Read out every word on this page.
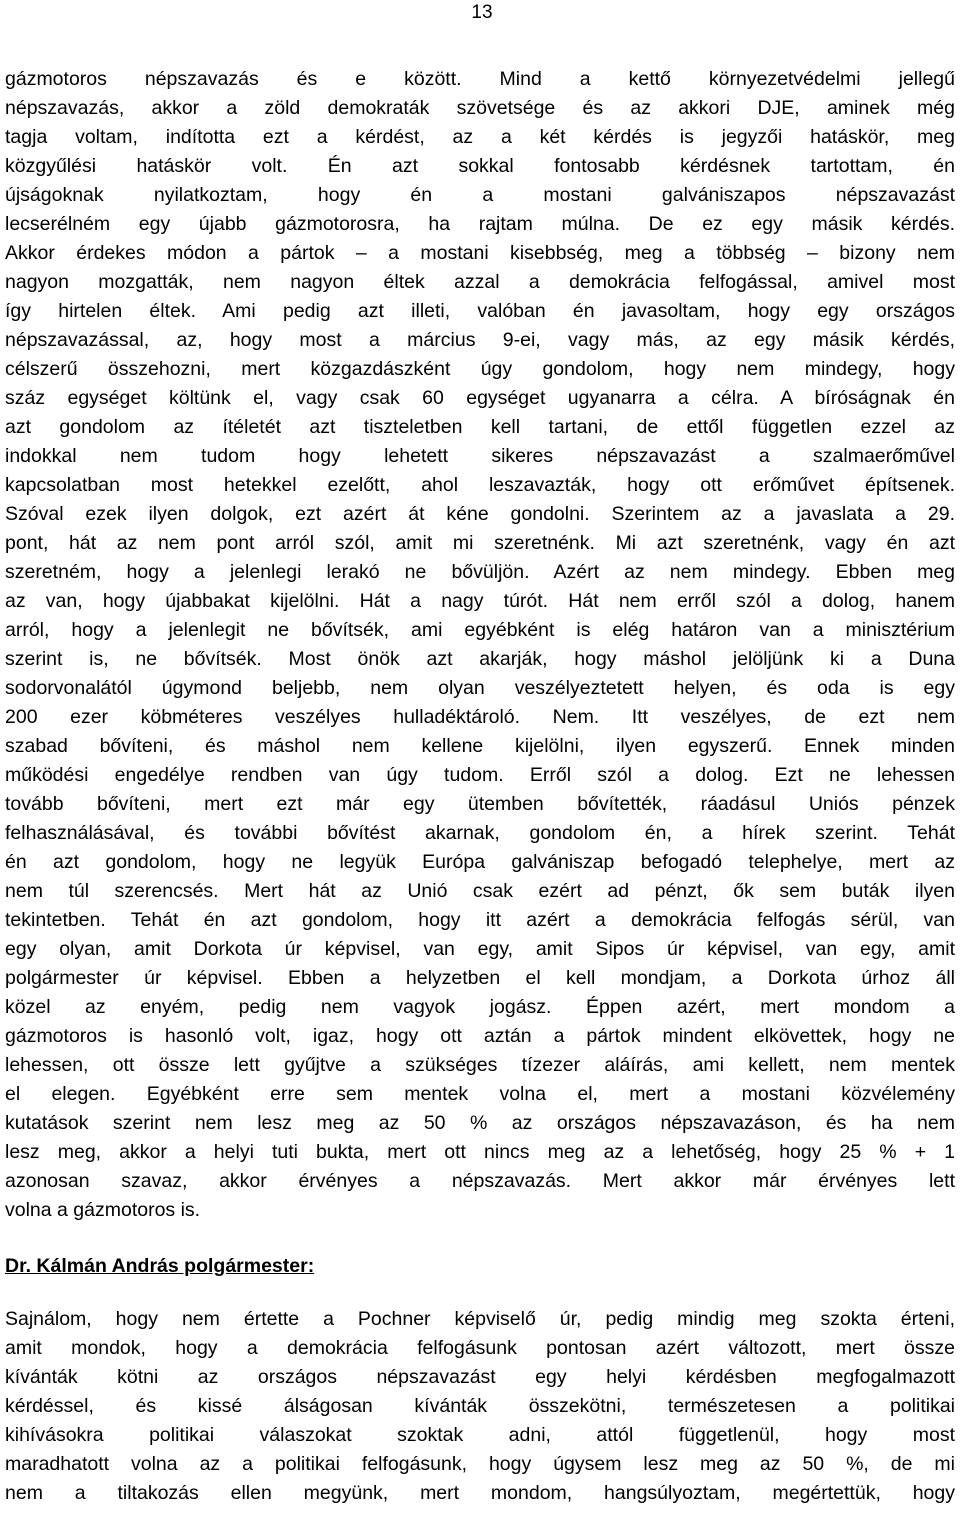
13
gázmotoros népszavazás és e között. Mind a kettő környezetvédelmi jellegű
népszavazás, akkor a zöld demokraták szövetsége és az akkori DJE, aminek még
tagja voltam, indította ezt a kérdést, az a két kérdés is jegyzői hatáskör, meg
közgyűlési hatáskör volt. Én azt sokkal fontosabb kérdésnek tartottam, én
újságoknak nyilatkoztam, hogy én a mostani galvániszapos népszavazást
lecserélném egy újabb gázmotorosra, ha rajtam múlna. De ez egy másik kérdés.
Akkor érdekes módon a pártok – a mostani kisebbség, meg a többség – bizony nem
nagyon mozgatták, nem nagyon éltek azzal a demokrácia felfogással, amivel most
így hirtelen éltek. Ami pedig azt illeti, valóban én javasoltam, hogy egy országos
népszavazással, az, hogy most a március 9-ei, vagy más, az egy másik kérdés,
célszerű összehozni, mert közgazdászként úgy gondolom, hogy nem mindegy, hogy
száz egységet költünk el, vagy csak 60 egységet ugyanarra a célra. A bíróságnak én
azt gondolom az ítéletét azt tiszteletben kell tartani, de ettől független ezzel az
indokkal nem tudom hogy lehetett sikeres népszavazást a szalmaerőművel
kapcsolatban most hetekkel ezelőtt, ahol leszavazták, hogy ott erőművet építsenek.
Szóval ezek ilyen dolgok, ezt azért át kéne gondolni. Szerintem az a javaslata a 29.
pont, hát az nem pont arról szól, amit mi szeretnénk. Mi azt szeretnénk, vagy én azt
szeretném, hogy a jelenlegi lerakó ne bővüljön. Azért az nem mindegy. Ebben meg
az van, hogy újabbakat kijelölni. Hát a nagy túrót. Hát nem erről szól a dolog, hanem
arról, hogy a jelenlegit ne bővítsék, ami egyébként is elég határon van a minisztérium
szerint is, ne bővítsék. Most önök azt akarják, hogy máshol jelöljünk ki a Duna
sodorvonalától úgymond beljebb, nem olyan veszélyeztetett helyen, és oda is egy
200 ezer köbméteres veszélyes hulladéktároló. Nem. Itt veszélyes, de ezt nem
szabad bővíteni, és máshol nem kellene kijelölni, ilyen egyszerű. Ennek minden
működési engedélye rendben van úgy tudom. Erről szól a dolog. Ezt ne lehessen
tovább bővíteni, mert ezt már egy ütemben bővítették, ráadásul Uniós pénzek
felhasználásával, és további bővítést akarnak, gondolom én, a hírek szerint. Tehát
én azt gondolom, hogy ne legyük Európa galvániszap befogadó telephelye, mert az
nem túl szerencsés. Mert hát az Unió csak ezért ad pénzt, ők sem buták ilyen
tekintetben. Tehát én azt gondolom, hogy itt azért a demokrácia felfogás sérül, van
egy olyan, amit Dorkota úr képvisel, van egy, amit Sipos úr képvisel, van egy, amit
polgármester úr képvisel. Ebben a helyzetben el kell mondjam, a Dorkota úrhoz áll
közel az enyém, pedig nem vagyok jogász. Éppen azért, mert mondom a
gázmotoros is hasonló volt, igaz, hogy ott aztán a pártok mindent elkövettek, hogy ne
lehessen, ott össze lett gyűjtve a szükséges tízezer aláírás, ami kellett, nem mentek
el elegen. Egyébként erre sem mentek volna el, mert a mostani közvélemény
kutatások szerint nem lesz meg az 50 % az országos népszavazáson, és ha nem
lesz meg, akkor a helyi tuti bukta, mert ott nincs meg az a lehetőség, hogy 25 % + 1
azonosan szavaz, akkor érvényes a népszavazás. Mert akkor már érvényes lett
volna a gázmotoros is.
Dr. Kálmán András polgármester:
Sajnálom, hogy nem értette a Pochner képviselő úr, pedig mindig meg szokta érteni,
amit mondok, hogy a demokrácia felfogásunk pontosan azért változott, mert össze
kívánták kötni az országos népszavazást egy helyi kérdésben megfogalmazott
kérdéssel, és kissé álságosan kívánták összekötni, természetesen a politikai
kihívásokra politikai válaszokat szoktak adni, attól függetlenül, hogy most
maradhatott volna az a politikai felfogásunk, hogy úgysem lesz meg az 50 %, de mi
nem a tiltakozás ellen megyünk, mert mondom, hangsúlyoztam, megértettük, hogy
